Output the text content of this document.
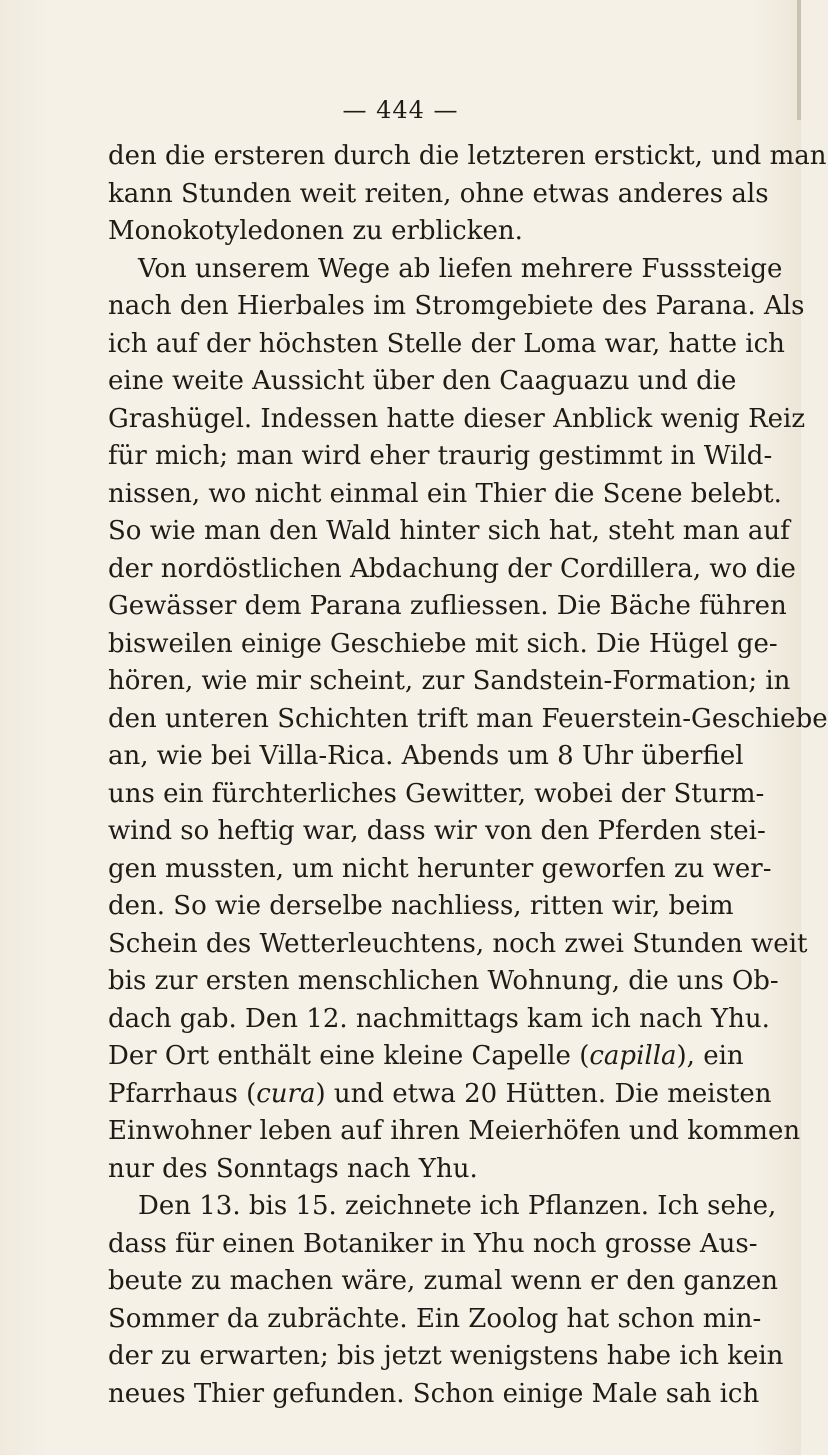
— 444 —
den die ersteren durch die letzteren erstickt, und man
kann Stunden weit reiten, ohne etwas anderes als
Monokotyledonen zu erblicken.
Von unserem Wege ab liefen mehrere Fusssteige
nach den Hierbales im Stromgebiete des Parana. Als
ich auf der höchsten Stelle der Loma war, hatte ich
eine weite Aussicht über den Caaguazu und die
Grashügel. Indessen hatte dieser Anblick wenig Reiz
für mich; man wird eher traurig gestimmt in Wild-
nissen, wo nicht einmal ein Thier die Scene belebt.
So wie man den Wald hinter sich hat, steht man auf
der nordöstlichen Abdachung der Cordillera, wo die
Gewässer dem Parana zufliessen. Die Bäche führen
bisweilen einige Geschiebe mit sich. Die Hügel ge-
hören, wie mir scheint, zur Sandstein-Formation; in
den unteren Schichten trift man Feuerstein-Geschiebe
an, wie bei Villa-Rica. Abends um 8 Uhr überfiel
uns ein fürchterliches Gewitter, wobei der Sturm-
wind so heftig war, dass wir von den Pferden stei-
gen mussten, um nicht herunter geworfen zu wer-
den. So wie derselbe nachliess, ritten wir, beim
Schein des Wetterleuchtens, noch zwei Stunden weit
bis zur ersten menschlichen Wohnung, die uns Ob-
dach gab. Den 12. nachmittags kam ich nach Yhu.
Der Ort enthält eine kleine Capelle (capilla), ein
Pfarrhaus (cura) und etwa 20 Hütten. Die meisten
Einwohner leben auf ihren Meierhöfen und kommen
nur des Sonntags nach Yhu.
Den 13. bis 15. zeichnete ich Pflanzen. Ich sehe,
dass für einen Botaniker in Yhu noch grosse Aus-
beute zu machen wäre, zumal wenn er den ganzen
Sommer da zubrächte. Ein Zoolog hat schon min-
der zu erwarten; bis jetzt wenigstens habe ich kein
neues Thier gefunden. Schon einige Male sah ich
